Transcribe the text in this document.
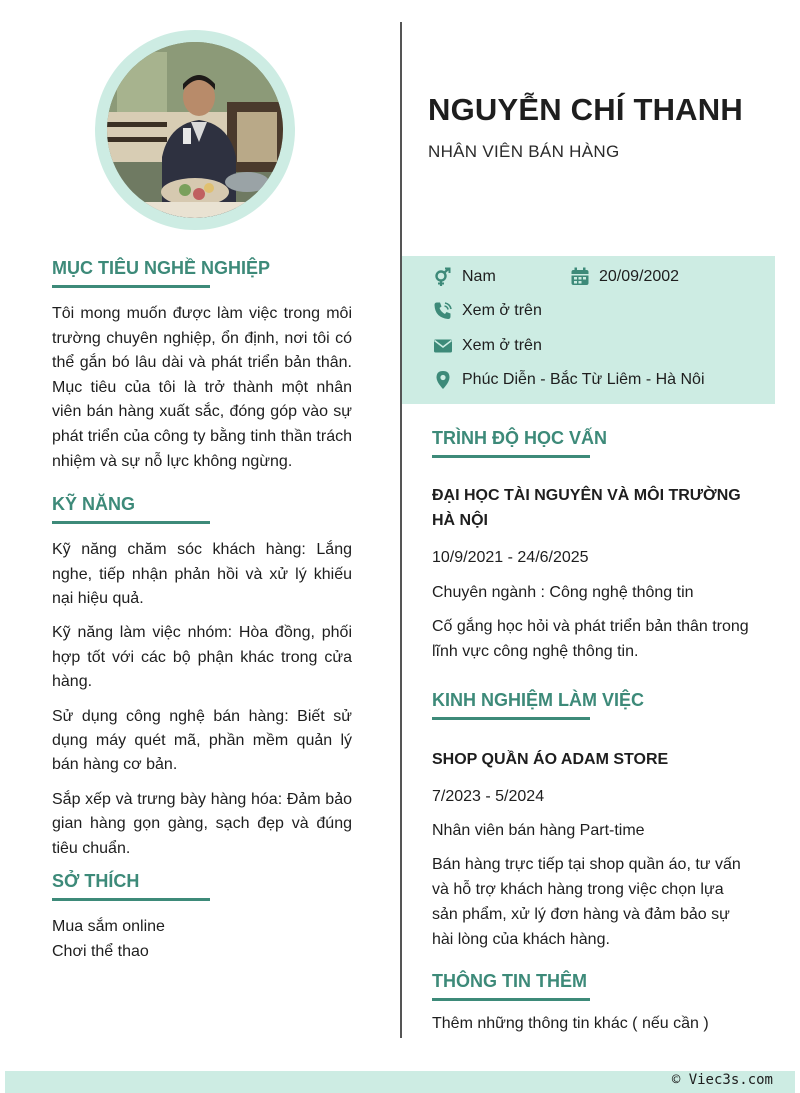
NGUYỄN CHÍ THANH
NHÂN VIÊN BÁN HÀNG
Nam	20/09/2002
Xem ở trên
Xem ở trên
Phúc Diễn - Bắc Từ Liêm - Hà Nôi
MỤC TIÊU NGHỀ NGHIỆP

Tôi mong muốn được làm việc trong môi trường chuyên nghiệp, ổn định, nơi tôi có thể gắn bó lâu dài và phát triển bản thân. Mục tiêu của tôi là trở thành một nhân viên bán hàng xuất sắc, đóng góp vào sự phát triển của công ty bằng tinh thần trách nhiệm và sự nỗ lực không ngừng.

KỸ NĂNG

Kỹ năng chăm sóc khách hàng: Lắng nghe, tiếp nhận phản hồi và xử lý khiếu nại hiệu quả.

Kỹ năng làm việc nhóm: Hòa đồng, phối hợp tốt với các bộ phận khác trong cửa hàng.

Sử dụng công nghệ bán hàng: Biết sử dụng máy quét mã, phần mềm quản lý bán hàng cơ bản.

Sắp xếp và trưng bày hàng hóa: Đảm bảo gian hàng gọn gàng, sạch đẹp và đúng tiêu chuẩn.

SỞ THÍCH
Mua sắm online
Chơi thể thao
TRÌNH ĐỘ HỌC VẤN
ĐẠI HỌC TÀI NGUYÊN VÀ MÔI TRƯỜNG HÀ NỘI
10/9/2021 - 24/6/2025
Chuyên ngành : Công nghệ thông tin
Cố gắng học hỏi và phát triển bản thân trong lĩnh vực công nghệ thông tin.
KINH NGHIỆM LÀM VIỆC
SHOP QUẦN ÁO ADAM STORE
7/2023 - 5/2024
Nhân viên bán hàng Part-time
Bán hàng trực tiếp tại shop quần áo, tư vấn và hỗ trợ khách hàng trong việc chọn lựa sản phẩm, xử lý đơn hàng và đảm bảo sự hài lòng của khách hàng.
THÔNG TIN THÊM
Thêm những thông tin khác ( nếu cần )
© Viec3s.com
